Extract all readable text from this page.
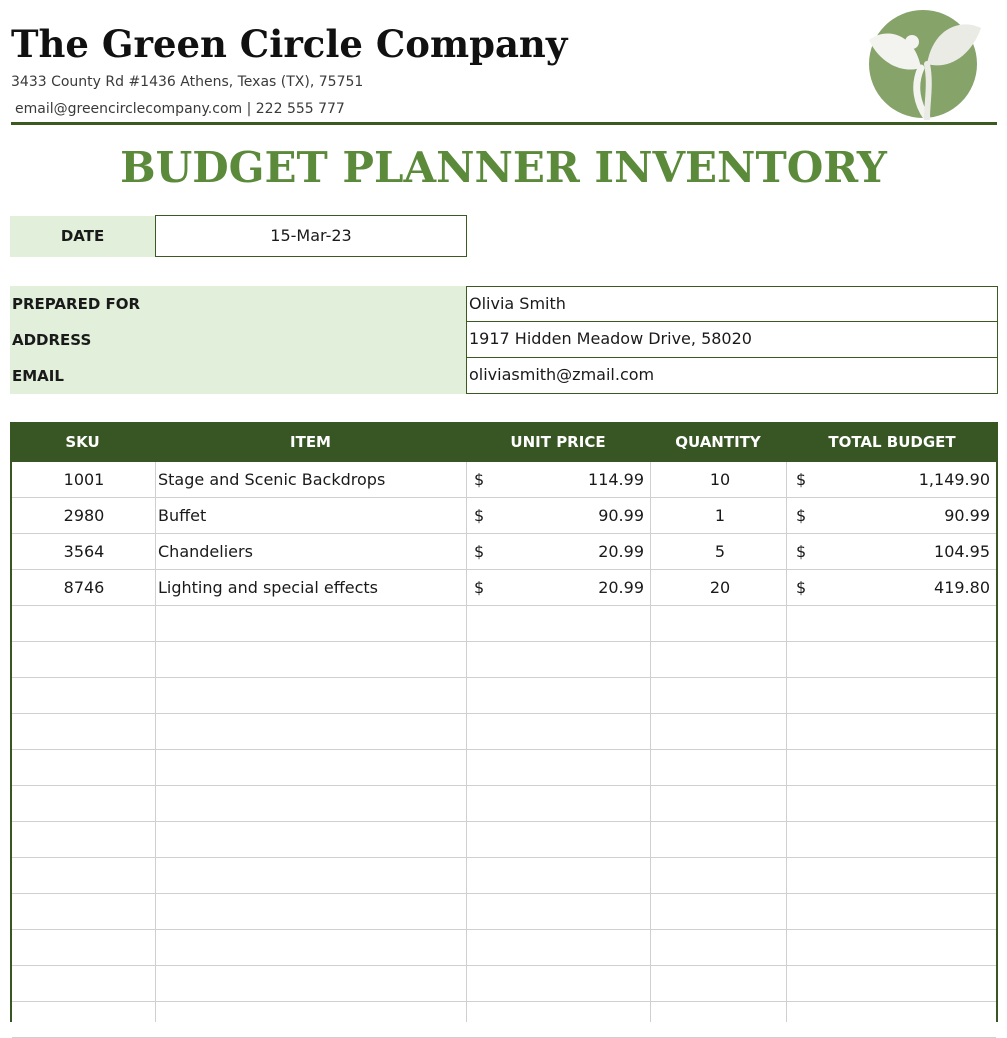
The Green Circle Company
3433 County Rd #1436 Athens, Texas (TX), 75751
email@greencirclecompany.com | 222 555 777
BUDGET PLANNER INVENTORY
DATE	15-Mar-23
PREPARED FOR	Olivia Smith
ADDRESS	1917 Hidden Meadow Drive, 58020
EMAIL	oliviasmith@zmail.com
SKU	ITEM	UNIT PRICE	QUANTITY	TOTAL BUDGET
1001	Stage and Scenic Backdrops	$	114.99	10	$	1,149.90
2980	Buffet	$	90.99	1	$	90.99
3564	Chandeliers	$	20.99	5	$	104.95
8746	Lighting and special effects	$	20.99	20	$	419.80
